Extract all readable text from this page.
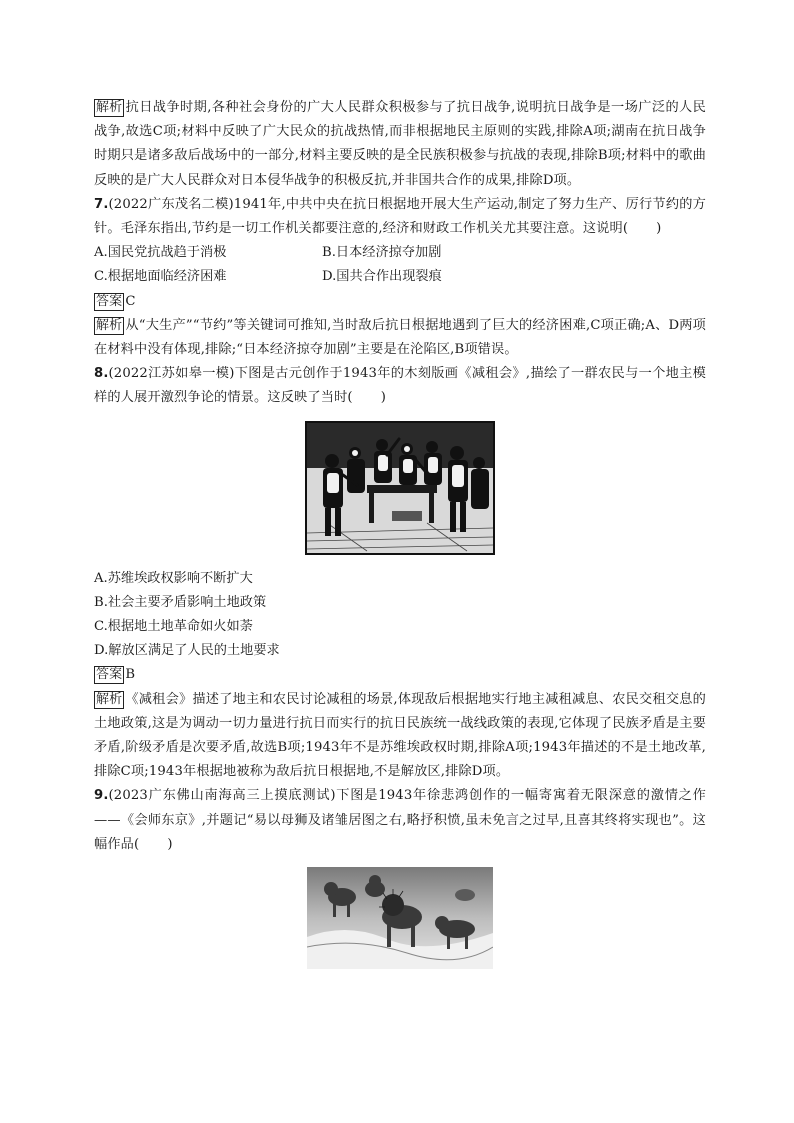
解析 抗日战争时期,各种社会身份的广大人民群众积极参与了抗日战争,说明抗日战争是一场广泛的人民战争,故选C项;材料中反映了广大民众的抗战热情,而非根据地民主原则的实践,排除A项;湖南在抗日战争时期只是诸多敌后战场中的一部分,材料主要反映的是全民族积极参与抗战的表现,排除B项;材料中的歌曲反映的是广大人民群众对日本侵华战争的积极反抗,并非国共合作的成果,排除D项。

7.(2022广东茂名二模)1941年,中共中央在抗日根据地开展大生产运动,制定了努力生产、厉行节约的方针。毛泽东指出,节约是一切工作机关都要注意的,经济和财政工作机关尤其要注意。这说明( )

A.国民党抗战趋于消极	B.日本经济掠夺加剧
C.根据地面临经济困难	D.国共合作出现裂痕

答案 C

解析 从“大生产”“节约”等关键词可推知,当时敌后抗日根据地遇到了巨大的经济困难,C项正确;A、D两项在材料中没有体现,排除;“日本经济掠夺加剧”主要是在沦陷区,B项错误。

8.(2022江苏如皋一模)下图是古元创作于1943年的木刻版画《减租会》,描绘了一群农民与一个地主模样的人展开激烈争论的情景。这反映了当时( )

A.苏维埃政权影响不断扩大
B.社会主要矛盾影响土地政策
C.根据地土地革命如火如荼
D.解放区满足了人民的土地要求

答案 B

解析 《减租会》描述了地主和农民讨论减租的场景,体现敌后根据地实行地主减租减息、农民交租交息的土地政策,这是为调动一切力量进行抗日而实行的抗日民族统一战线政策的表现,它体现了民族矛盾是主要矛盾,阶级矛盾是次要矛盾,故选B项;1943年不是苏维埃政权时期,排除A项;1943年描述的不是土地改革,排除C项;1943年根据地被称为敌后抗日根据地,不是解放区,排除D项。

9.(2023广东佛山南海高三上摸底测试)下图是1943年徐悲鸿创作的一幅寄寓着无限深意的激情之作——《会师东京》,并题记“易以母狮及诸雏居图之右,略抒积愤,虽未免言之过早,且喜其终将实现也”。这幅作品( )
